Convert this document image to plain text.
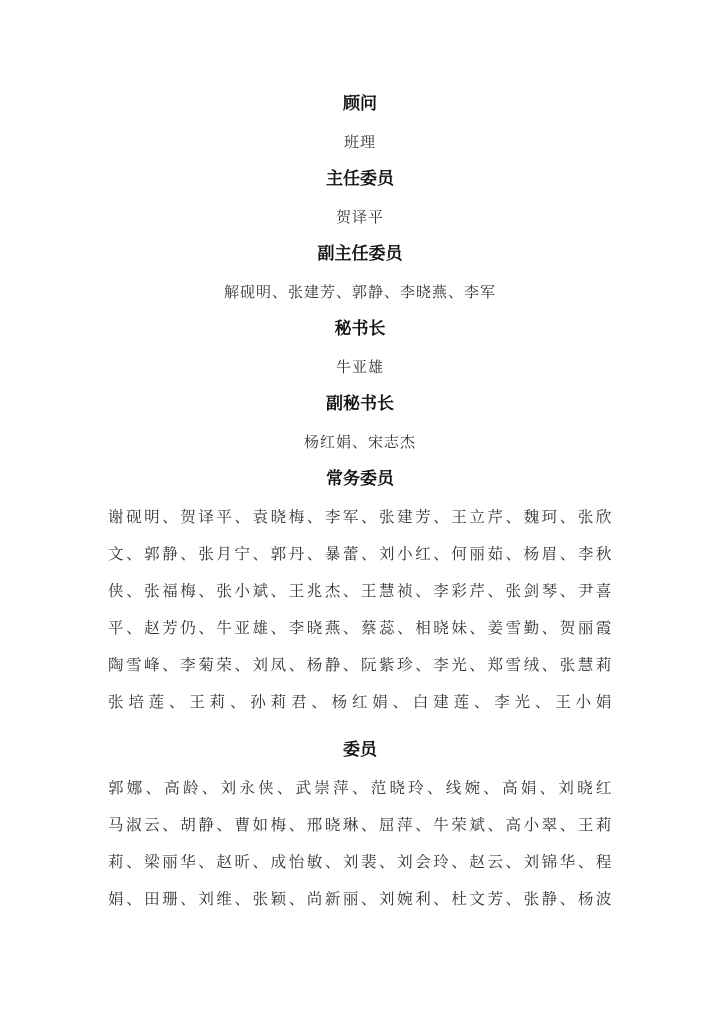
顾问
班理
主任委员
贺译平
副主任委员
解砚明、张建芳、郭静、李晓燕、李军
秘书长
牛亚雄
副秘书长
杨红娟、宋志杰
常务委员
谢砚明、贺译平、袁晓梅、李军、张建芳、王立芹、魏珂、张欣
文、郭静、张月宁、郭丹、暴蕾、刘小红、何丽茹、杨眉、李秋
侠、张福梅、张小斌、王兆杰、王慧祯、李彩芹、张剑琴、尹喜
平、赵芳仍、牛亚雄、李晓燕、蔡蕊、相晓妹、姜雪勤、贺丽霞
陶雪峰、李菊荣、刘凤、杨静、阮紫珍、李光、郑雪绒、张慧莉
张培莲、王莉、孙莉君、杨红娟、白建莲、李光、王小娟
委员
郭娜、高龄、刘永侠、武崇萍、范晓玲、线婉、高娟、刘晓红
马淑云、胡静、曹如梅、邢晓琳、屈萍、牛荣斌、高小翠、王莉
莉、梁丽华、赵昕、成怡敏、刘裴、刘会玲、赵云、刘锦华、程
娟、田珊、刘维、张颖、尚新丽、刘婉利、杜文芳、张静、杨波
